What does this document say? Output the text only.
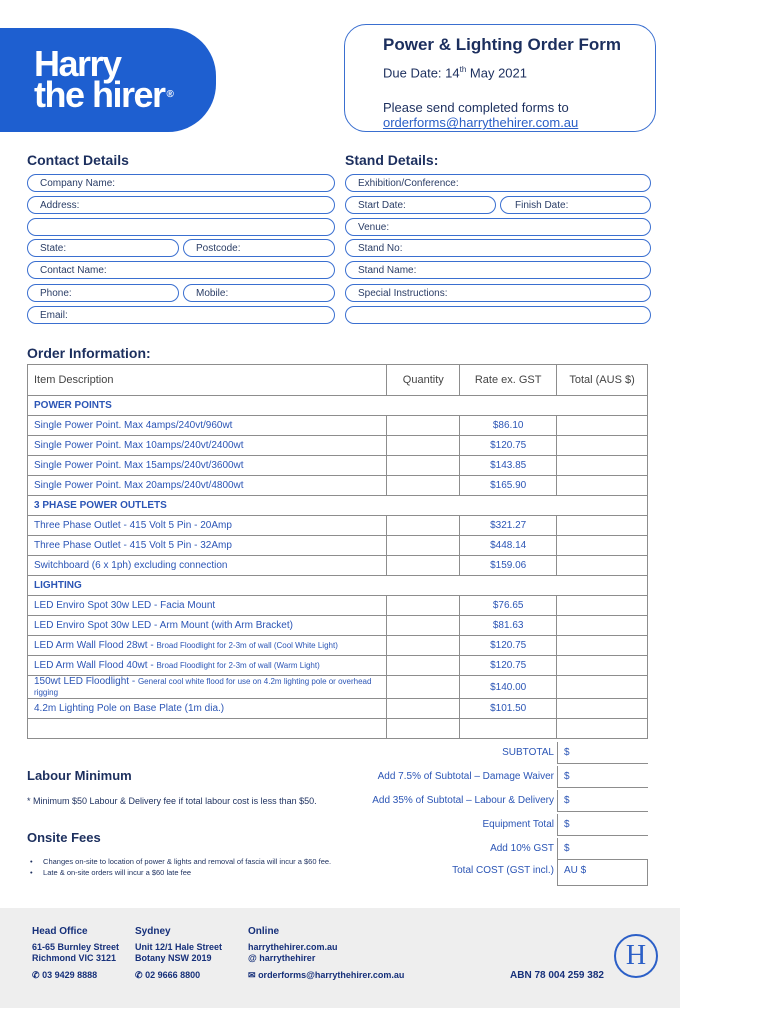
Harry
the hirer ®
Power & Lighting Order Form
Due Date: 14th May 2021
Please send completed forms to
orderforms@harrythehirer.com.au
Contact Details
Company Name:
Address:
State:	Postcode:
Contact Name:
Phone:	Mobile:
Email:
Stand Details:
Exhibition/Conference:
Start Date:	Finish Date:
Venue:
Stand No:
Stand Name:
Special Instructions:
Order Information:
Item Description	Quantity	Rate ex. GST	Total (AUS $)
POWER POINTS			
Single Power Point. Max 4amps/240vt/960wt		$86.10	
Single Power Point. Max 10amps/240vt/2400wt		$120.75	
Single Power Point. Max 15amps/240vt/3600wt		$143.85	
Single Power Point. Max 20amps/240vt/4800wt		$165.90	
3 PHASE POWER OUTLETS			
Three Phase Outlet - 415 Volt 5 Pin - 20Amp		$321.27	
Three Phase Outlet - 415 Volt 5 Pin - 32Amp		$448.14	
Switchboard (6 x 1ph) excluding connection		$159.06	
LIGHTING			
LED Enviro Spot 30w LED - Facia Mount		$76.65	
LED Enviro Spot 30w LED - Arm Mount (with Arm Bracket)		$81.63	
LED Arm Wall Flood 28wt - Broad Floodlight for 2-3m of wall (Cool White Light)		$120.75	
LED Arm Wall Flood 40wt - Broad Floodlight for 2-3m of wall (Warm Light)		$120.75	
150wt LED Floodlight - General cool white flood for use on 4.2m lighting pole or overhead rigging		$140.00	
4.2m Lighting Pole on Base Plate (1m dia.)		$101.50	

SUBTOTAL	$
Add 7.5% of Subtotal – Damage Waiver	$
Add 35% of Subtotal – Labour & Delivery	$
Equipment Total	$
Add 10% GST	$
Total COST (GST incl.)	AU $
Labour Minimum
* Minimum $50 Labour & Delivery fee if total labour cost is less than $50.
Onsite Fees
•     Changes on-site to location of power & lights and removal of fascia will incur a $60 fee.
•     Late & on-site orders will incur a $60 late fee
Head Office
61-65 Burnley Street
Richmond VIC 3121
✆ 03 9429 8888
Sydney
Unit 12/1 Hale Street
Botany NSW 2019
✆ 02 9666 8800
Online
harrythehirer.com.au
@ harrythehirer
✉ orderforms@harrythehirer.com.au	ABN 78 004 259 382
H
